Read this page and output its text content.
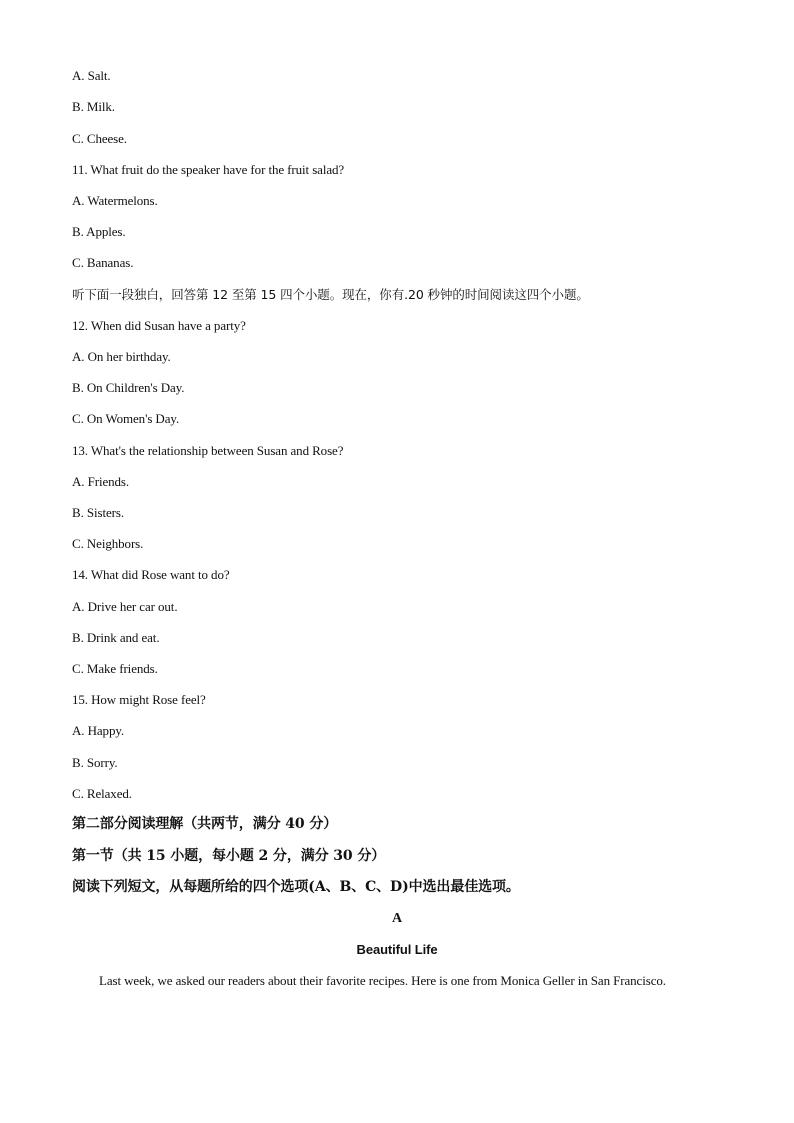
A. Salt.
B. Milk.
C. Cheese.
11. What fruit do the speaker have for the fruit salad?
A. Watermelons.
B. Apples.
C. Bananas.
听下面一段独白，回答第 12 至第 15 四个小题。现在，你有.20 秒钟的时间阅读这四个小题。
12. When did Susan have a party?
A. On her birthday.
B. On Children's Day.
C. On Women's Day.
13. What's the relationship between Susan and Rose?
A. Friends.
B. Sisters.
C. Neighbors.
14. What did Rose want to do?
A. Drive her car out.
B. Drink and eat.
C. Make friends.
15. How might Rose feel?
A. Happy.
B. Sorry.
C. Relaxed.
第二部分阅读理解（共两节，满分 40 分）
第一节（共 15 小题，每小题 2 分，满分 30 分）
阅读下列短文，从每题所给的四个选项(A、B、C、D)中选出最佳选项。
A
Beautiful Life
Last week, we asked our readers about their favorite recipes. Here is one from Monica Geller in San Francisco.
